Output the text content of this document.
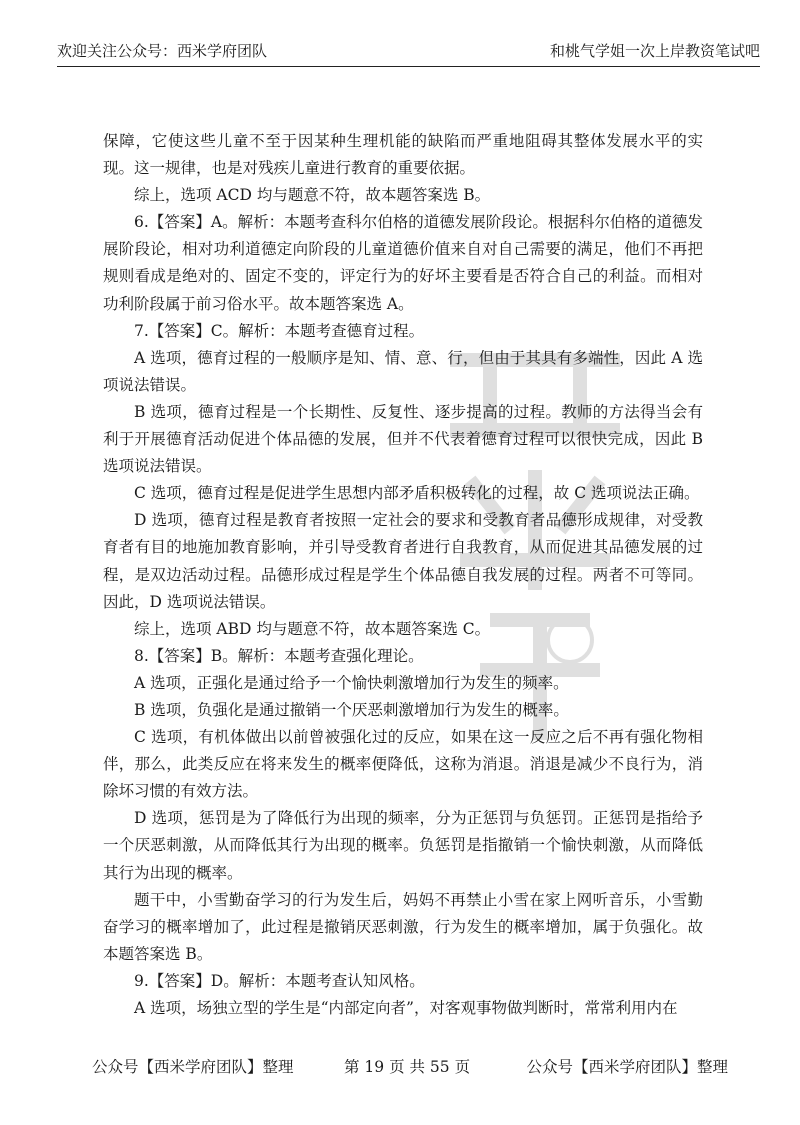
欢迎关注公众号：西米学府团队	和桃气学姐一次上岸教资笔试吧

保障，它使这些儿童不至于因某种生理机能的缺陷而严重地阻碍其整体发展水平的实现。这一规律，也是对残疾儿童进行教育的重要依据。

综上，选项 ACD 均与题意不符，故本题答案选 B。

6.【答案】A。解析：本题考查科尔伯格的道德发展阶段论。根据科尔伯格的道德发展阶段论，相对功利道德定向阶段的儿童道德价值来自对自己需要的满足，他们不再把规则看成是绝对的、固定不变的，评定行为的好坏主要看是否符合自己的利益。而相对功利阶段属于前习俗水平。故本题答案选 A。

7.【答案】C。解析：本题考查德育过程。

A 选项，德育过程的一般顺序是知、情、意、行，但由于其具有多端性，因此 A 选项说法错误。

B 选项，德育过程是一个长期性、反复性、逐步提高的过程。教师的方法得当会有利于开展德育活动促进个体品德的发展，但并不代表着德育过程可以很快完成，因此 B 选项说法错误。

C 选项，德育过程是促进学生思想内部矛盾积极转化的过程，故 C 选项说法正确。

D 选项，德育过程是教育者按照一定社会的要求和受教育者品德形成规律，对受教育者有目的地施加教育影响，并引导受教育者进行自我教育，从而促进其品德发展的过程，是双边活动过程。品德形成过程是学生个体品德自我发展的过程。两者不可等同。因此，D 选项说法错误。

综上，选项 ABD 均与题意不符，故本题答案选 C。

8.【答案】B。解析：本题考查强化理论。

A 选项，正强化是通过给予一个愉快刺激增加行为发生的频率。

B 选项，负强化是通过撤销一个厌恶刺激增加行为发生的概率。

C 选项，有机体做出以前曾被强化过的反应，如果在这一反应之后不再有强化物相伴，那么，此类反应在将来发生的概率便降低，这称为消退。消退是减少不良行为，消除坏习惯的有效方法。

D 选项，惩罚是为了降低行为出现的频率，分为正惩罚与负惩罚。正惩罚是指给予一个厌恶刺激，从而降低其行为出现的概率。负惩罚是指撤销一个愉快刺激，从而降低其行为出现的概率。

题干中，小雪勤奋学习的行为发生后，妈妈不再禁止小雪在家上网听音乐，小雪勤奋学习的概率增加了，此过程是撤销厌恶刺激，行为发生的概率增加，属于负强化。故本题答案选 B。

9.【答案】D。解析：本题考查认知风格。

A 选项，场独立型的学生是“内部定向者”，对客观事物做判断时，常常利用内在

公众号【西米学府团队】整理	第 19 页 共 55 页	公众号【西米学府团队】整理
